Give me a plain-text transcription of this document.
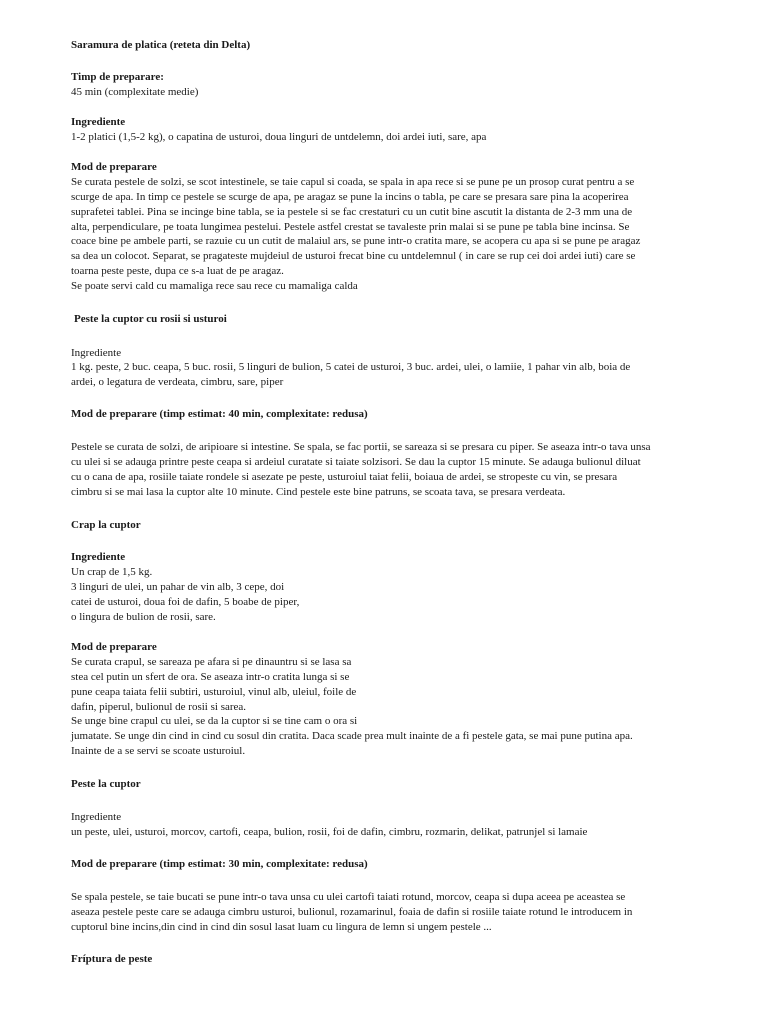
Saramura de platica (reteta din Delta)
Timp de preparare:
45 min (complexitate medie)
Ingrediente
1-2 platici (1,5-2 kg), o capatina de usturoi, doua linguri de untdelemn, doi ardei iuti, sare, apa
Mod de preparare
Se curata pestele de solzi, se scot intestinele, se taie capul si coada, se spala in apa rece si se pune pe un prosop curat pentru a se
scurge de apa. In timp ce pestele se scurge de apa, pe aragaz se pune la incins o tabla, pe care se presara sare pina la acoperirea
suprafetei tablei. Pina se incinge bine tabla, se ia pestele si se fac crestaturi cu un cutit bine ascutit la distanta de 2-3 mm una de
alta, perpendiculare, pe toata lungimea pestelui. Pestele astfel crestat se tavaleste prin malai si se pune pe tabla bine incinsa. Se
coace bine pe ambele parti, se razuie cu un cutit de malaiul ars, se pune intr-o cratita mare, se acopera cu apa si se pune pe aragaz
sa dea un colocot. Separat, se pragateste mujdeiul de usturoi frecat bine cu untdelemnul ( in care se rup cei doi ardei iuti) care se
toarna peste peste, dupa ce s-a luat de pe aragaz.
Se poate servi cald cu mamaliga rece sau rece cu mamaliga calda
Peste la cuptor cu rosii si usturoi
Ingrediente
1 kg. peste, 2 buc. ceapa, 5 buc. rosii, 5 linguri de bulion, 5 catei de usturoi, 3 buc. ardei, ulei, o lamiie, 1 pahar vin alb, boia de
ardei, o legatura de verdeata, cimbru, sare, piper
Mod de preparare (timp estimat: 40 min, complexitate: redusa)
Pestele se curata de solzi, de aripioare si intestine. Se spala, se fac portii, se sareaza si se presara cu piper. Se aseaza intr-o tava unsa
cu ulei si se adauga printre peste ceapa si ardeiul curatate si taiate solzisori. Se dau la cuptor 15 minute. Se adauga bulionul diluat
cu o cana de apa, rosiile taiate rondele si asezate pe peste, usturoiul taiat felii, boiaua de ardei, se stropeste cu vin, se presara
cimbru si se mai lasa la cuptor alte 10 minute. Cind pestele este bine patruns, se scoata tava, se presara verdeata.
Crap la cuptor
Ingrediente
Un crap de 1,5 kg.
3 linguri de ulei, un pahar de vin alb, 3 cepe, doi
catei de usturoi, doua foi de dafin, 5 boabe de piper,
o lingura de bulion de rosii, sare.
Mod de preparare
Se curata crapul, se sareaza pe afara si pe dinauntru si se lasa sa
stea cel putin un sfert de ora. Se aseaza intr-o cratita lunga si se
pune ceapa taiata felii subtiri, usturoiul, vinul alb, uleiul, foile de
dafin, piperul, bulionul de rosii si sarea.
Se unge bine crapul cu ulei, se da la cuptor si se tine cam o ora si
jumatate. Se unge din cind in cind cu sosul din cratita. Daca scade prea mult inainte de a fi pestele gata, se mai pune putina apa.
Inainte de a se servi se scoate usturoiul.
Peste la cuptor
Ingrediente
un peste, ulei, usturoi, morcov, cartofi, ceapa, bulion, rosii, foi de dafin, cimbru, rozmarin, delikat, patrunjel si lamaie
Mod de preparare (timp estimat: 30 min, complexitate: redusa)
Se spala pestele, se taie bucati se pune intr-o tava unsa cu ulei cartofi taiati rotund, morcov, ceapa si dupa aceea pe aceastea se
aseaza pestele peste care se adauga cimbru usturoi, bulionul, rozamarinul, foaia de dafin si rosiile taiate rotund le introducem in
cuptorul bine incins,din cind in cind din sosul lasat luam cu lingura de lemn si ungem pestele ...
Fríptura de peste
